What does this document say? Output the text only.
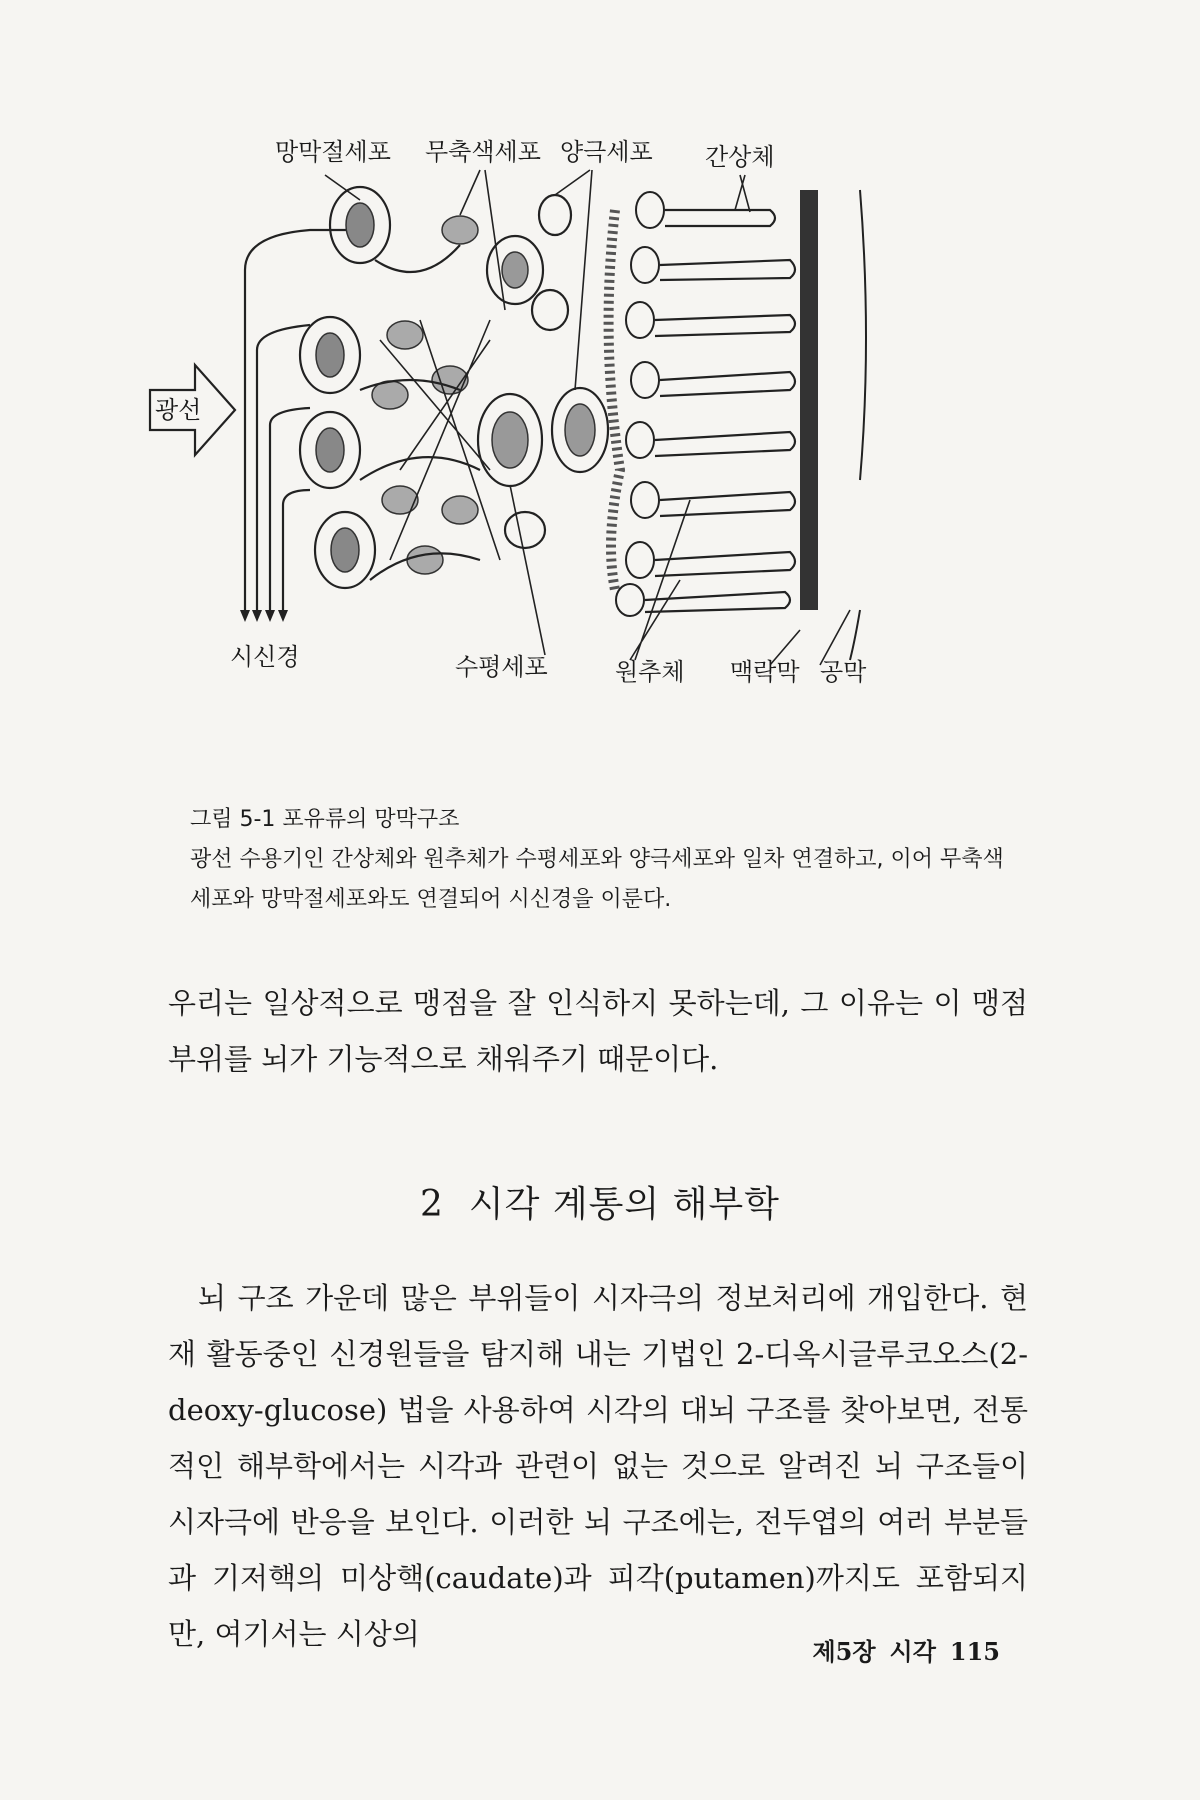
망막절세포 무축색세포 양극세포 간상체
광선
시신경	수평세포	원추체 맥락막 공막
그림 5-1 포유류의 망막구조
광선 수용기인 간상체와 원추체가 수평세포와 양극세포와 일차 연결하고, 이어 무축색세포와 망막절세포와도 연결되어 시신경을 이룬다.
우리는 일상적으로 맹점을 잘 인식하지 못하는데, 그 이유는 이 맹점 부위를 뇌가 기능적으로 채워주기 때문이다.
2 시각 계통의 해부학
뇌 구조 가운데 많은 부위들이 시자극의 정보처리에 개입한다. 현재 활동중인 신경원들을 탐지해 내는 기법인 2-디옥시글루코오스(2-deoxy-glucose) 법을 사용하여 시각의 대뇌 구조를 찾아보면, 전통적인 해부학에서는 시각과 관련이 없는 것으로 알려진 뇌 구조들이 시자극에 반응을 보인다. 이러한 뇌 구조에는, 전두엽의 여러 부분들과 기저핵의 미상핵(caudate)과 피각(putamen)까지도 포함되지만, 여기서는 시상의
제5장 시각 115
